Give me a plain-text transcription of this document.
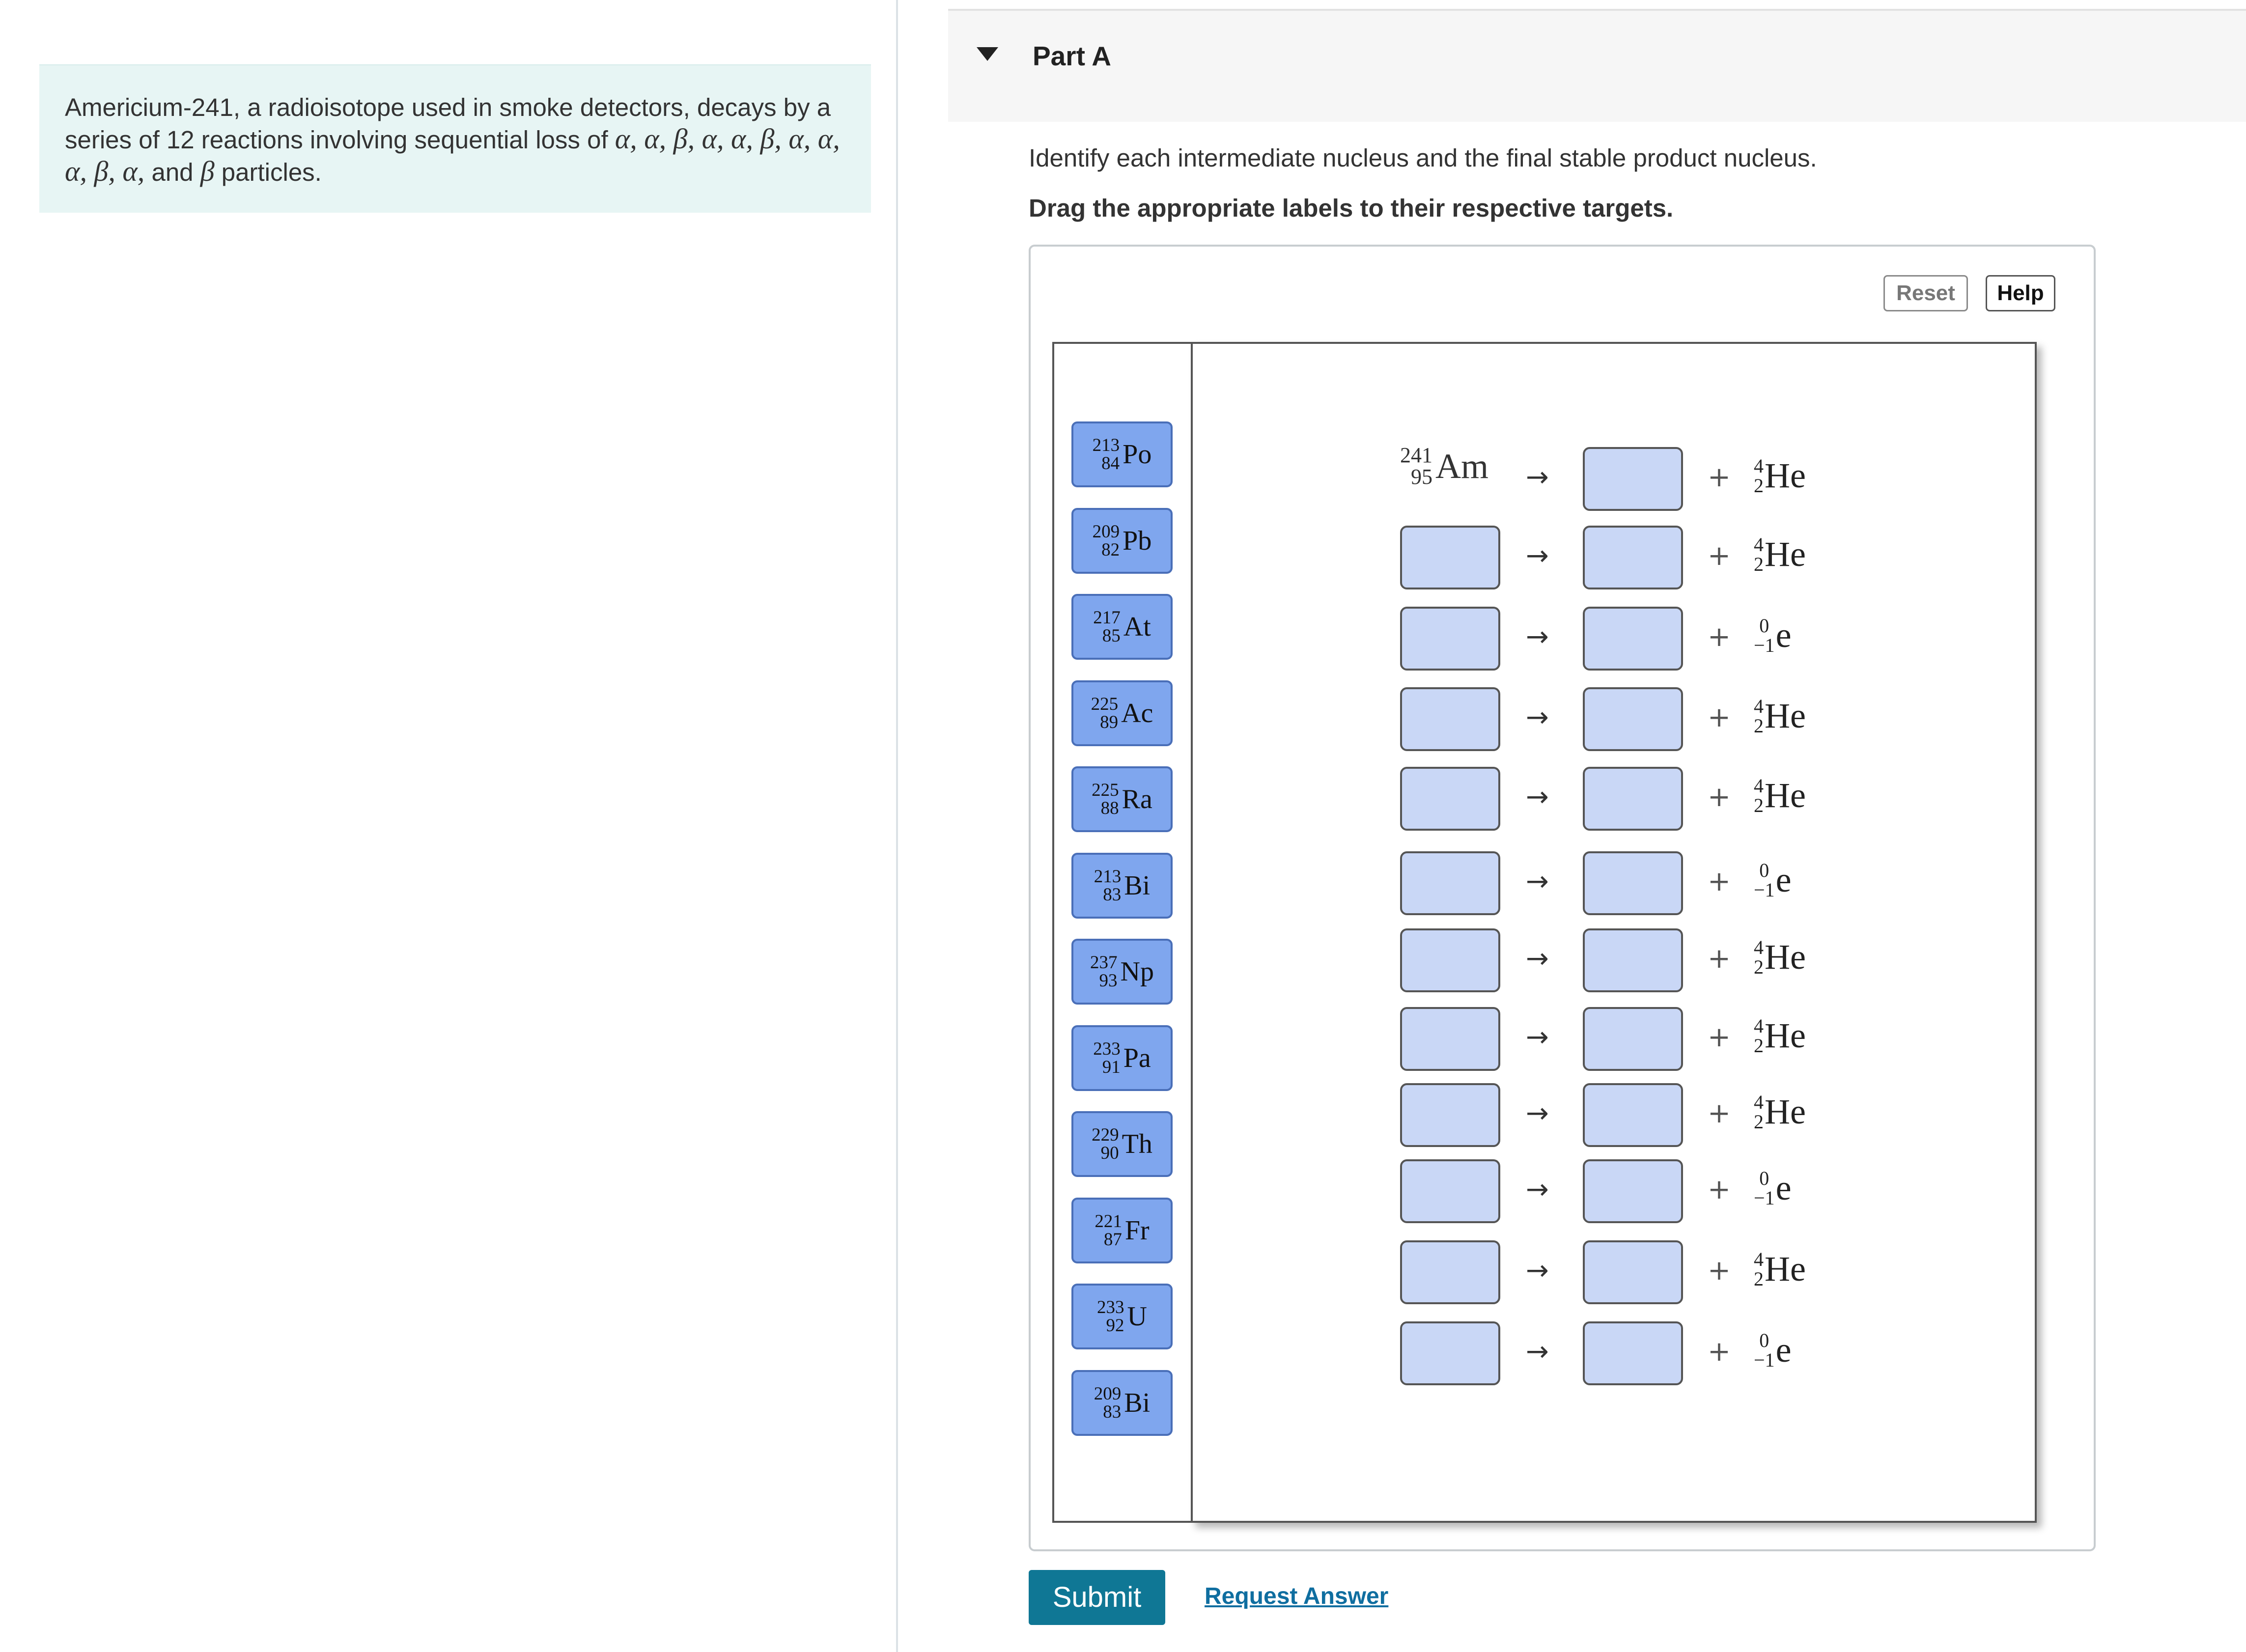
Americium-241, a radioisotope used in smoke detectors, decays by a series of 12 reactions involving sequential loss of α, α, β, α, α, β, α, α, α, β, α, and β particles.
Part A
Identify each intermediate nucleus and the final stable product nucleus.
Drag the appropriate labels to their respective targets.
Reset	Help
213
84 Po
209
82 Pb
217
85 At
225
89 Ac
225
88 Ra
213
83 Bi
237
93 Np
233
91 Pa
229
90 Th
221
87 Fr
233
92 U
209
83 Bi
241
95 Am →	+ 4
2 He
→	+ 4
2 He
→	+ 0
−1 e
→	+ 4
2 He
→	+ 4
2 He
→	+ 0
−1 e
→	+ 4
2 He
→	+ 4
2 He
→	+ 4
2 He
→	+ 0
−1 e
→	+ 4
2 He
→	+ 0
−1 e
Submit	Request Answer
